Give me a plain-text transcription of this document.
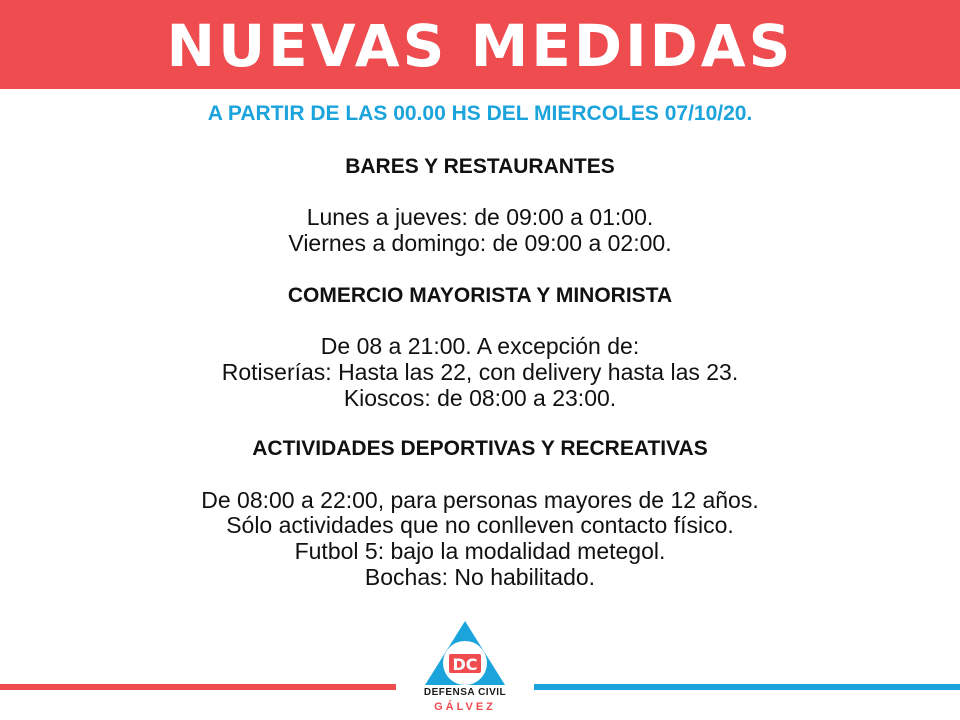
NUEVAS MEDIDAS
A PARTIR DE LAS 00.00 HS DEL MIERCOLES 07/10/20.
BARES Y RESTAURANTES
Lunes a jueves: de 09:00 a 01:00.
Viernes a domingo: de 09:00 a 02:00.
COMERCIO MAYORISTA Y MINORISTA
De 08 a 21:00. A excepción de:
Rotiserías: Hasta las 22, con delivery hasta las 23.
Kioscos: de 08:00 a 23:00.
ACTIVIDADES DEPORTIVAS Y RECREATIVAS
De 08:00 a 22:00, para personas mayores de 12 años.
Sólo actividades que no conlleven contacto físico.
Futbol 5: bajo la modalidad metegol.
Bochas: No habilitado.
DC
DEFENSA CIVIL
GÁLVEZ
